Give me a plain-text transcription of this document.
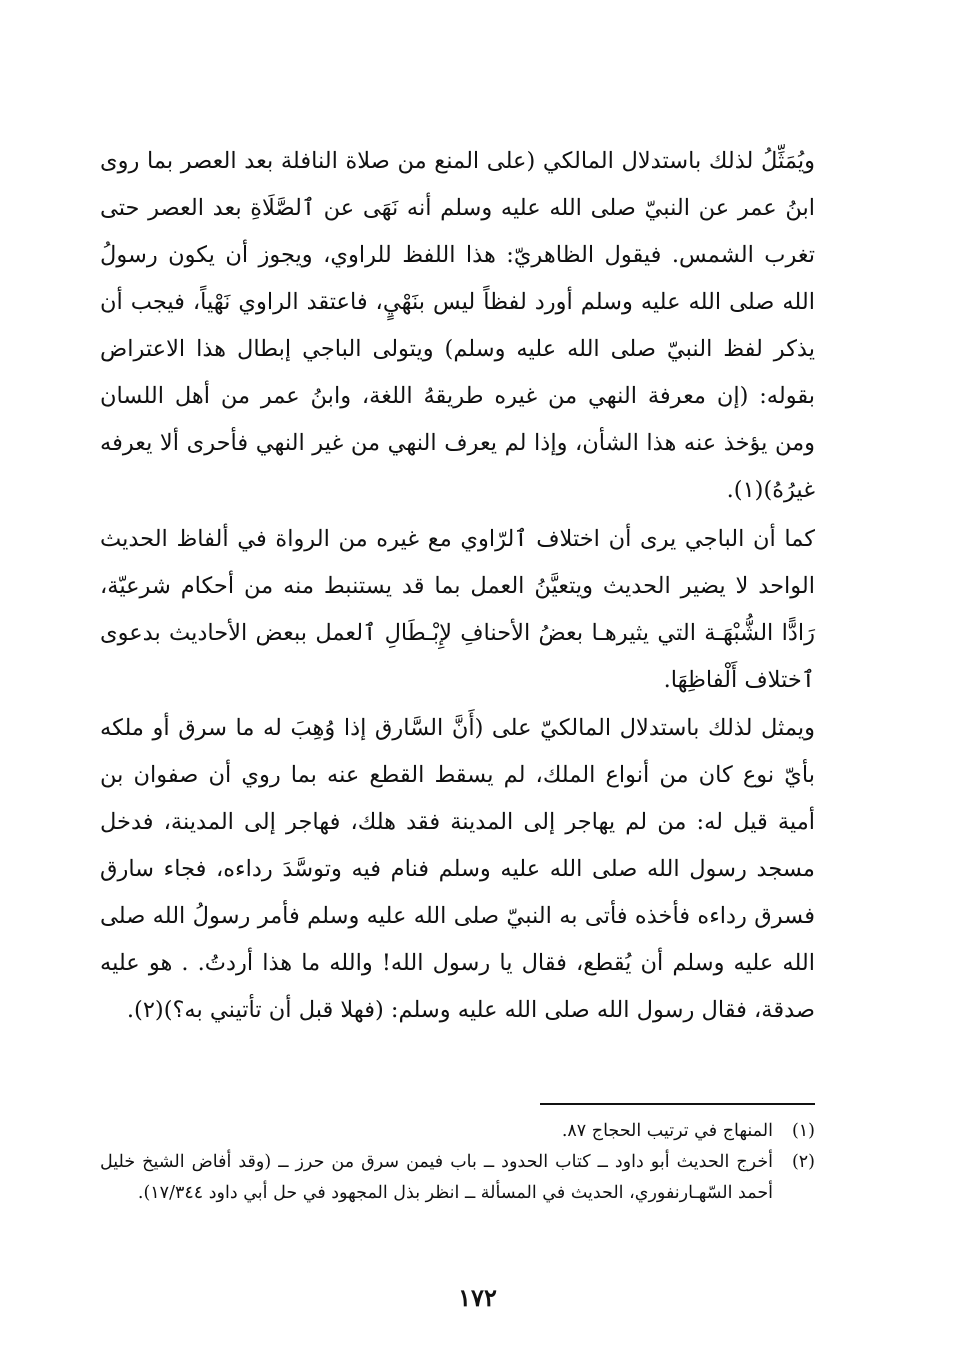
ويُمَثِّلُ لذلك باستدلال المالكي (على المنع من صلاة النافلة بعد العصر بما روى ابنُ عمر عن النبيّ صلى الله عليه وسلم أنه نَهَى عن ٱلصَّلَاةِ بعد العصر حتى تغرب الشمس. فيقول الظاهريّ: هذا اللفظ للراوي، ويجوز أن يكون رسولُ الله صلى الله عليه وسلم أورد لفظاً ليس بنَهْيٍ، فاعتقد الراوي نَهْياً، فيجب أن يذكر لفظ النبيّ صلى الله عليه وسلم) ويتولى الباجي إبطال هذا الاعتراض بقوله: (إن معرفة النهي من غيره طريقهُ اللغة، وابنُ عمر من أهل اللسان ومن يؤخذ عنه هذا الشأن، وإذا لم يعرف النهي من غير النهي فأحرى ألا يعرفه غيرُهُ)(١).

كما أن الباجي يرى أن اختلاف ٱلرّاوي مع غيره من الرواة في ألفاظ الحديث الواحد لا يضير الحديث ويتعيَّنُ العمل بما قد يستنبط منه من أحكام شرعيّة، رَادًّا الشُّبْهَـة التي يثيرهـا بعضُ الأحنافِ لإِبْـطَالِ ٱلعمل ببعض الأحاديث بدعوى ٱختلاف أَلْفاظِهَا.

ويمثل لذلك باستدلال المالكيّ على (أَنَّ السَّارق إذا وُهِبَ له ما سرق أو ملكه بأيّ نوع كان من أنواع الملك، لم يسقط القطع عنه بما روي أن صفوان بن أمية قيل له: من لم يهاجر إلى المدينة فقد هلك، فهاجر إلى المدينة، فدخل مسجد رسول الله صلى الله عليه وسلم فنام فيه وتوسَّدَ رداءه، فجاء سارق فسرق رداءه فأخذه فأتى به النبيّ صلى الله عليه وسلم فأمر رسولُ الله صلى الله عليه وسلم أن يُقطع، فقال يا رسول الله! والله ما هذا أردتُ. . هو عليه صدقة، فقال رسول الله صلى الله عليه وسلم: (فهلا قبل أن تأتيني به؟)(٢).

(١)
المنهاج في ترتيب الحجاج ٨٧.
(٢)
أخرج الحديث أبو داود ــ كتاب الحدود ــ باب فيمن سرق من حرز ــ (وقد أفاض الشيخ خليل أحمد السّهـارنفوري، الحديث في المسألة ــ انظر بذل المجهود في حل أبي داود ١٧/٣٤٤).
١٧٢
